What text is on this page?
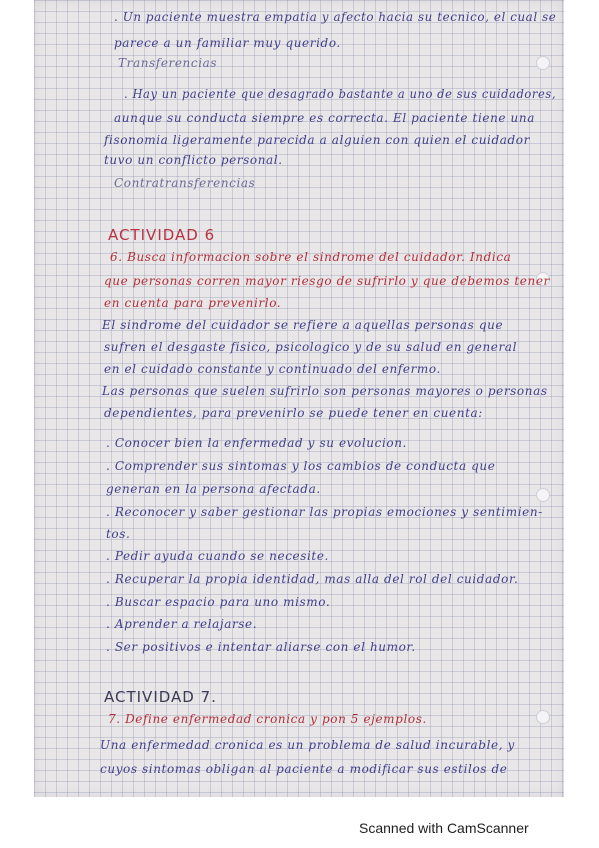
. Un paciente muestra empatia y afecto hacia su tecnico, el cual se
parece a un familiar muy querido.
Transferencias
. Hay un paciente que desagrado bastante a uno de sus cuidadores,
aunque su conducta siempre es correcta. El paciente tiene una
fisonomia ligeramente parecida a alguien con quien el cuidador
tuvo un conflicto personal.
Contratransferencias
ACTIVIDAD 6
6. Busca informacion sobre el sindrome del cuidador. Indica
que personas corren mayor riesgo de sufrirlo y que debemos tener
en cuenta para prevenirlo.
El sindrome del cuidador se refiere a aquellas personas que
sufren el desgaste fisico, psicologico y de su salud en general
en el cuidado constante y continuado del enfermo.
Las personas que suelen sufrirlo son personas mayores o personas
dependientes, para prevenirlo se puede tener en cuenta:
. Conocer bien la enfermedad y su evolucion.
. Comprender sus sintomas y los cambios de conducta que
generan en la persona afectada.
. Reconocer y saber gestionar las propias emociones y sentimien-
tos.
. Pedir ayuda cuando se necesite.
. Recuperar la propia identidad, mas alla del rol del cuidador.
. Buscar espacio para uno mismo.
. Aprender a relajarse.
. Ser positivos e intentar aliarse con el humor.
ACTIVIDAD 7.
7. Define enfermedad cronica y pon 5 ejemplos.
Una enfermedad cronica es un problema de salud incurable, y
cuyos sintomas obligan al paciente a modificar sus estilos de
Scanned with CamScanner
